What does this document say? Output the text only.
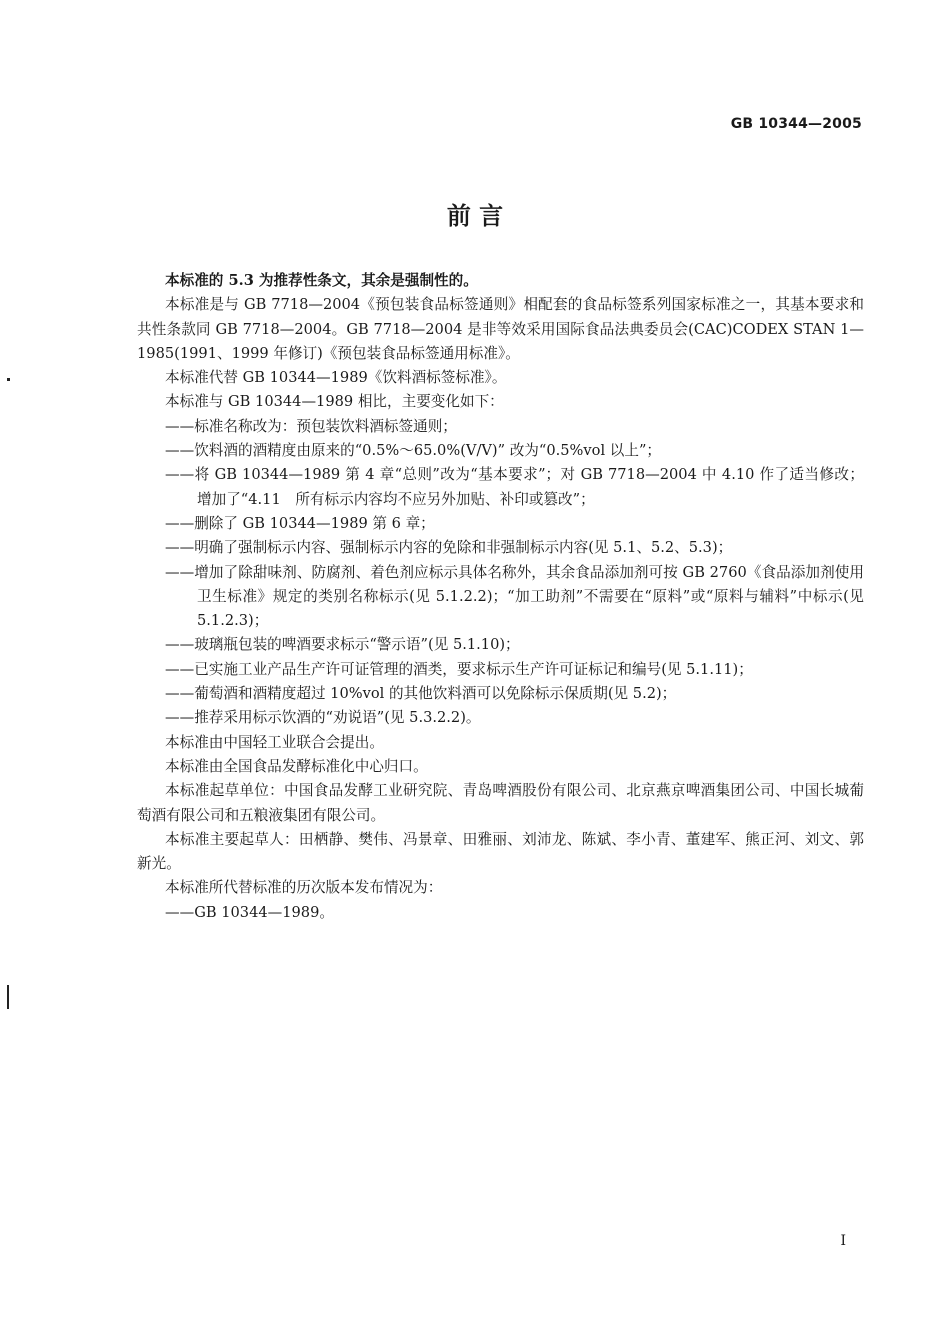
GB 10344—2005
前 言

本标准的 5.3 为推荐性条文，其余是强制性的。

本标准是与 GB 7718—2004《预包装食品标签通则》相配套的食品标签系列国家标准之一，其基本要求和共性条款同 GB 7718—2004。GB 7718—2004 是非等效采用国际食品法典委员会(CAC)CODEX STAN 1—1985(1991、1999 年修订)《预包装食品标签通用标准》。

本标准代替 GB 10344—1989《饮料酒标签标准》。

本标准与 GB 10344—1989 相比，主要变化如下：

——标准名称改为：预包装饮料酒标签通则；

——饮料酒的酒精度由原来的“0.5%～65.0%(V/V)” 改为“0.5%vol 以上”；

——将 GB 10344—1989 第 4 章“总则”改为“基本要求”；对 GB 7718—2004 中 4.10 作了适当修改；增加了“4.11　所有标示内容均不应另外加贴、补印或篡改”；

——删除了 GB 10344—1989 第 6 章；

——明确了强制标示内容、强制标示内容的免除和非强制标示内容(见 5.1、5.2、5.3)；

——增加了除甜味剂、防腐剂、着色剂应标示具体名称外，其余食品添加剂可按 GB 2760《食品添加剂使用卫生标准》规定的类别名称标示(见 5.1.2.2)；“加工助剂”不需要在“原料”或“原料与辅料”中标示(见 5.1.2.3)；

——玻璃瓶包装的啤酒要求标示“警示语”(见 5.1.10)；

——已实施工业产品生产许可证管理的酒类，要求标示生产许可证标记和编号(见 5.1.11)；

——葡萄酒和酒精度超过 10%vol 的其他饮料酒可以免除标示保质期(见 5.2)；

——推荐采用标示饮酒的“劝说语”(见 5.3.2.2)。

本标准由中国轻工业联合会提出。

本标准由全国食品发酵标准化中心归口。

本标准起草单位：中国食品发酵工业研究院、青岛啤酒股份有限公司、北京燕京啤酒集团公司、中国长城葡萄酒有限公司和五粮液集团有限公司。

本标准主要起草人：田栖静、樊伟、冯景章、田雅丽、刘沛龙、陈斌、李小青、董建军、熊正河、刘文、郭新光。

本标准所代替标准的历次版本发布情况为：

——GB 10344—1989。

I
